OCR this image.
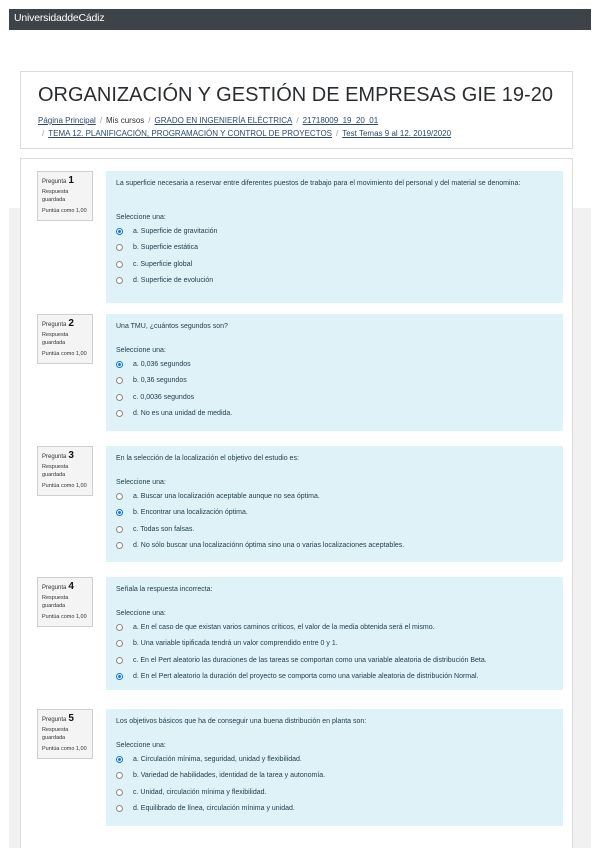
UniversidaddeCádiz
ORGANIZACIÓN Y GESTIÓN DE EMPRESAS GIE 19-20
Página Principal / Mis cursos / GRADO EN INGENIERÍA ELÉCTRICA / 21718009_19_20_01
/ TEMA 12. PLANIFICACIÓN, PROGRAMACIÓN Y CONTROL DE PROYECTOS / Test Temas 9 al 12. 2019/2020
Pregunta 1
Respuesta guardada
Puntúa como 1,00
La superficie necesaria a reservar entre diferentes puestos de trabajo para el movimiento del personal y del material se denomina:
Seleccione una:
a. Superficie de gravitación
b. Superficie estática
c. Superficie global
d. Superficie de evolución
Pregunta 2
Respuesta guardada
Puntúa como 1,00
Una TMU, ¿cuántos segundos son?
Seleccione una:
a. 0,036 segundos
b. 0,36 segundos
c. 0,0036 segundos
d. No es una unidad de medida.
Pregunta 3
Respuesta guardada
Puntúa como 1,00
En la selección de la localización el objetivo del estudio es:
Seleccione una:
a. Buscar una localización aceptable aunque no sea óptima.
b. Encontrar una localización óptima.
c. Todas son falsas.
d. No sólo buscar una localizaciónn óptima sino una o varias localizaciones aceptables.
Pregunta 4
Respuesta guardada
Puntúa como 1,00
Señala la respuesta incorrecta:
Seleccione una:
a. En el caso de que existan varios caminos críticos, el valor de la media obtenida será el mismo.
b. Una variable tipificada tendrá un valor comprendido entre 0 y 1.
c. En el Pert aleatorio las duraciones de las tareas se comportan como una variable aleatoria de distribución Beta.
d. En el Pert aleatorio la duración del proyecto se comporta como una variable aleatoria de distribución Normal.
Pregunta 5
Respuesta guardada
Puntúa como 1,00
Los objetivos básicos que ha de conseguir una buena distribución en planta son:
Seleccione una:
a. Circulación mínima, seguridad, unidad y flexibilidad.
b. Variedad de habilidades, identidad de la tarea y autonomía.
c. Unidad, circulación mínima y flexibilidad.
d. Equilibrado de línea, circulación mínima y unidad.
